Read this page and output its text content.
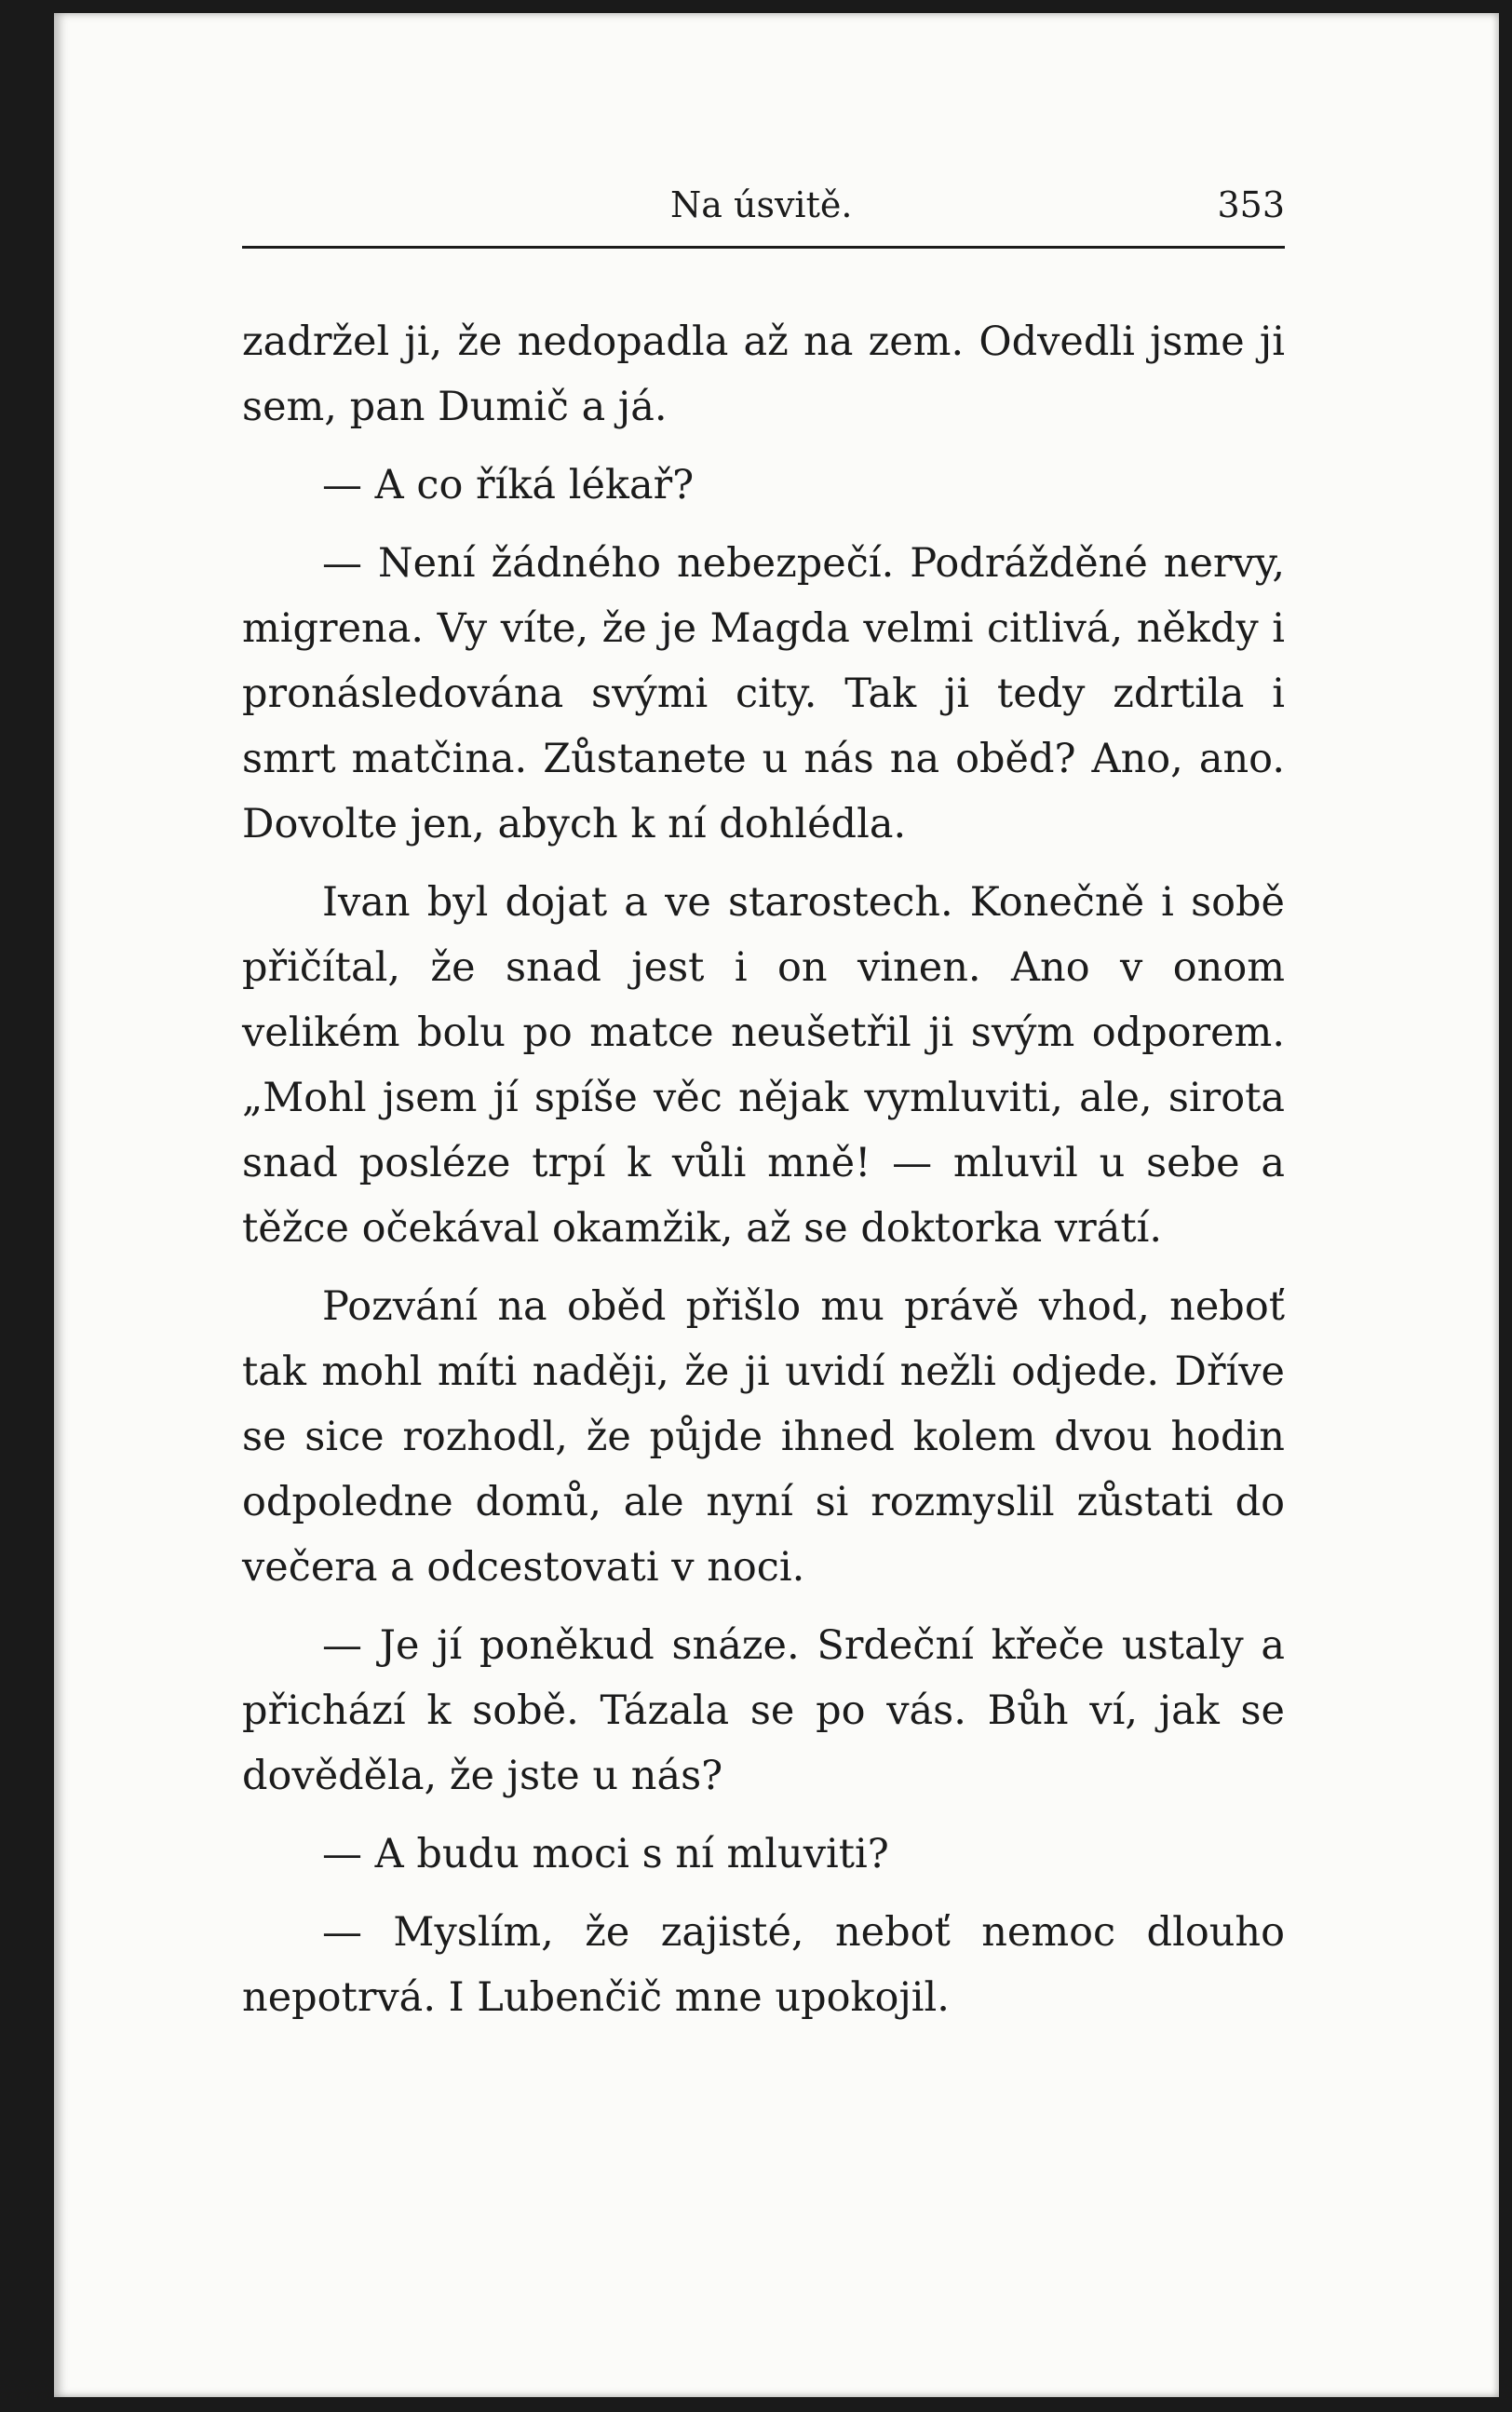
Na úsvitě.	353

zadržel ji, že nedopadla až na zem. Odvedli jsme ji sem, pan Dumič a já.

— A co říká lékař?

— Není žádného nebezpečí. Podrážděné nervy, migrena. Vy víte, že je Magda velmi citlivá, někdy i pronásledována svými city. Tak ji tedy zdrtila i smrt matčina. Zůstanete u nás na oběd? Ano, ano. Dovolte jen, abych k ní dohlédla.

Ivan byl dojat a ve starostech. Konečně i sobě přičítal, že snad jest i on vinen. Ano v onom velikém bolu po matce neušetřil ji svým odporem. „Mohl jsem jí spíše věc nějak vymluviti, ale, sirota snad posléze trpí k vůli mně! — mluvil u sebe a těžce očekával okamžik, až se doktorka vrátí.

Pozvání na oběd přišlo mu právě vhod, neboť tak mohl míti naději, že ji uvidí nežli odjede. Dříve se sice rozhodl, že půjde ihned kolem dvou hodin odpoledne domů, ale nyní si rozmyslil zůstati do večera a odcestovati v noci.

— Je jí poněkud snáze. Srdeční křeče ustaly a přichází k sobě. Tázala se po vás. Bůh ví, jak se dověděla, že jste u nás?

— A budu moci s ní mluviti?

— Myslím, že zajisté, neboť nemoc dlouho nepotrvá. I Lubenčič mne upokojil.
